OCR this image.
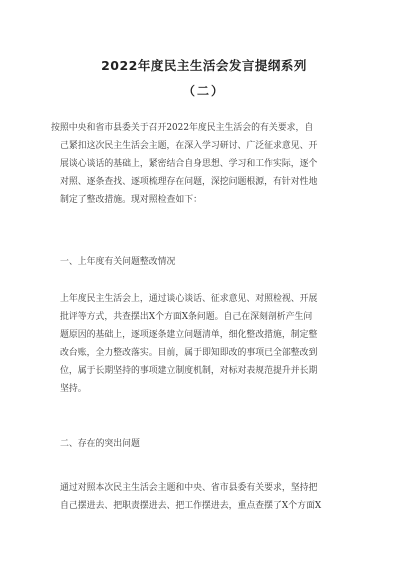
2022年度民主生活会发言提纲系列
（二）

按照中央和省市县委关于召开2022年度民主生活会的有关要求，自
己紧扣这次民主生活会主题，在深入学习研讨、广泛征求意见、开
展谈心谈话的基础上，紧密结合自身思想、学习和工作实际，逐个
对照、逐条查找、逐项梳理存在问题，深挖问题根源，有针对性地
制定了整改措施。现对照检查如下：

一、上年度有关问题整改情况

上年度民主生活会上，通过谈心谈话、征求意见、对照检视、开展
批评等方式，共查摆出X个方面X条问题。自己在深刻剖析产生问
题原因的基础上，逐项逐条建立问题清单，细化整改措施，制定整
改台账，全力整改落实。目前，属于即知即改的事项已全部整改到
位，属于长期坚持的事项建立制度机制，对标对表规范提升并长期
坚持。

二、存在的突出问题

通过对照本次民主生活会主题和中央、省市县委有关要求，坚持把
自己摆进去、把职责摆进去、把工作摆进去，重点查摆了X个方面X
